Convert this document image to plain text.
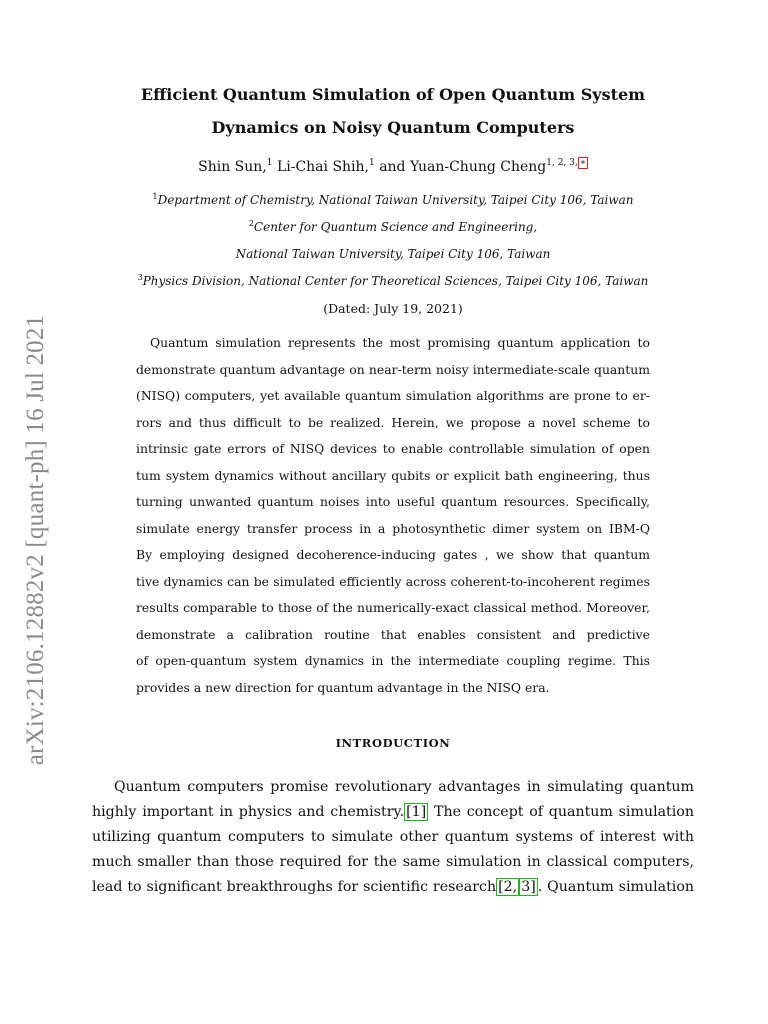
arXiv:2106.12882v2 [quant-ph] 16 Jul 2021
Efficient Quantum Simulation of Open Quantum System
Dynamics on Noisy Quantum Computers
Shin Sun,$^1$ Li-Chai Shih,$^1$ and Yuan-Chung Cheng$^{1, 2, 3,}$ ∗
$^1$Department of Chemistry, National Taiwan University, Taipei City 106, Taiwan
$^2$Center for Quantum Science and Engineering,
National Taiwan University, Taipei City 106, Taiwan
$^3$Physics Division, National Center for Theoretical Sciences, Taipei City 106, Taiwan
(Dated: July 19, 2021)
Quantum simulation represents the most promising quantum application to
demonstrate quantum advantage on near-term noisy intermediate-scale quantum
(NISQ) computers, yet available quantum simulation algorithms are prone to er-
rors and thus difficult to be realized. Herein, we propose a novel scheme to
intrinsic gate errors of NISQ devices to enable controllable simulation of open
tum system dynamics without ancillary qubits or explicit bath engineering, thus
turning unwanted quantum noises into useful quantum resources. Specifically,
simulate energy transfer process in a photosynthetic dimer system on IBM-Q
By employing designed decoherence-inducing gates , we show that quantum
tive dynamics can be simulated efficiently across coherent-to-incoherent regimes
results comparable to those of the numerically-exact classical method. Moreover,
demonstrate a calibration routine that enables consistent and predictive
of open-quantum system dynamics in the intermediate coupling regime. This
provides a new direction for quantum advantage in the NISQ era.
INTRODUCTION
Quantum computers promise revolutionary advantages in simulating quantum
highly important in physics and chemistry. [1] The concept of quantum simulation
utilizing quantum computers to simulate other quantum systems of interest with
much smaller than those required for the same simulation in classical computers,
lead to significant breakthroughs for scientific research [2, 3] . Quantum simulation
